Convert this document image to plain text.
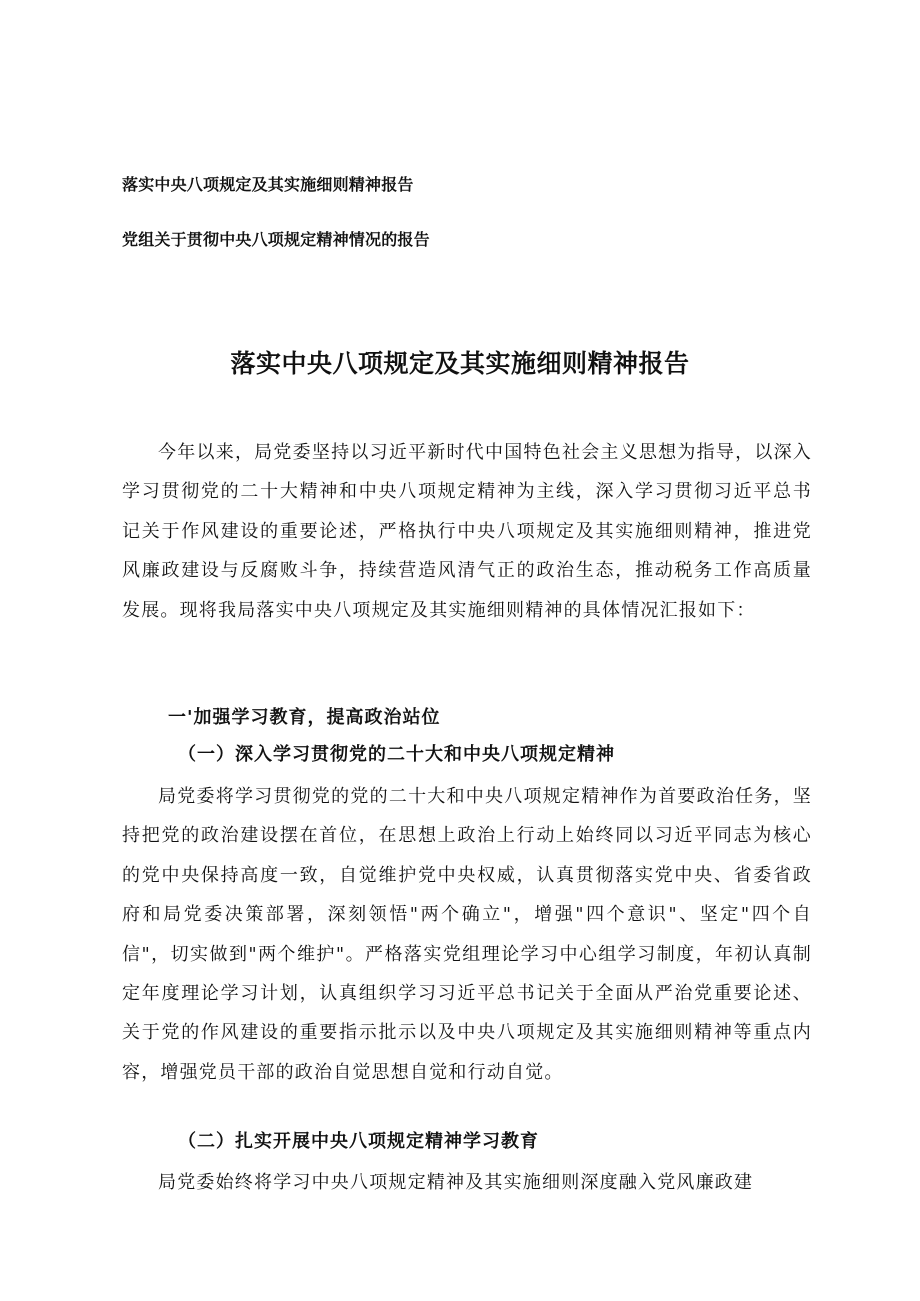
落实中央八项规定及其实施细则精神报告
党组关于贯彻中央八项规定精神情况的报告
落实中央八项规定及其实施细则精神报告

今年以来，局党委坚持以习近平新时代中国特色社会主义思想为指导，以深入学习贯彻党的二十大精神和中央八项规定精神为主线，深入学习贯彻习近平总书记关于作风建设的重要论述，严格执行中央八项规定及其实施细则精神，推进党风廉政建设与反腐败斗争，持续营造风清气正的政治生态，推动税务工作高质量发展。现将我局落实中央八项规定及其实施细则精神的具体情况汇报如下：

一'加强学习教育，提高政治站位
（一）深入学习贯彻党的二十大和中央八项规定精神

局党委将学习贯彻党的党的二十大和中央八项规定精神作为首要政治任务，坚持把党的政治建设摆在首位，在思想上政治上行动上始终同以习近平同志为核心的党中央保持高度一致，自觉维护党中央权威，认真贯彻落实党中央、省委省政府和局党委决策部署，深刻领悟"两个确立"，增强"四个意识"、坚定"四个自信"，切实做到"两个维护"。严格落实党组理论学习中心组学习制度，年初认真制定年度理论学习计划，认真组织学习习近平总书记关于全面从严治党重要论述、关于党的作风建设的重要指示批示以及中央八项规定及其实施细则精神等重点内容，增强党员干部的政治自觉思想自觉和行动自觉。

（二）扎实开展中央八项规定精神学习教育

局党委始终将学习中央八项规定精神及其实施细则深度融入党风廉政建
